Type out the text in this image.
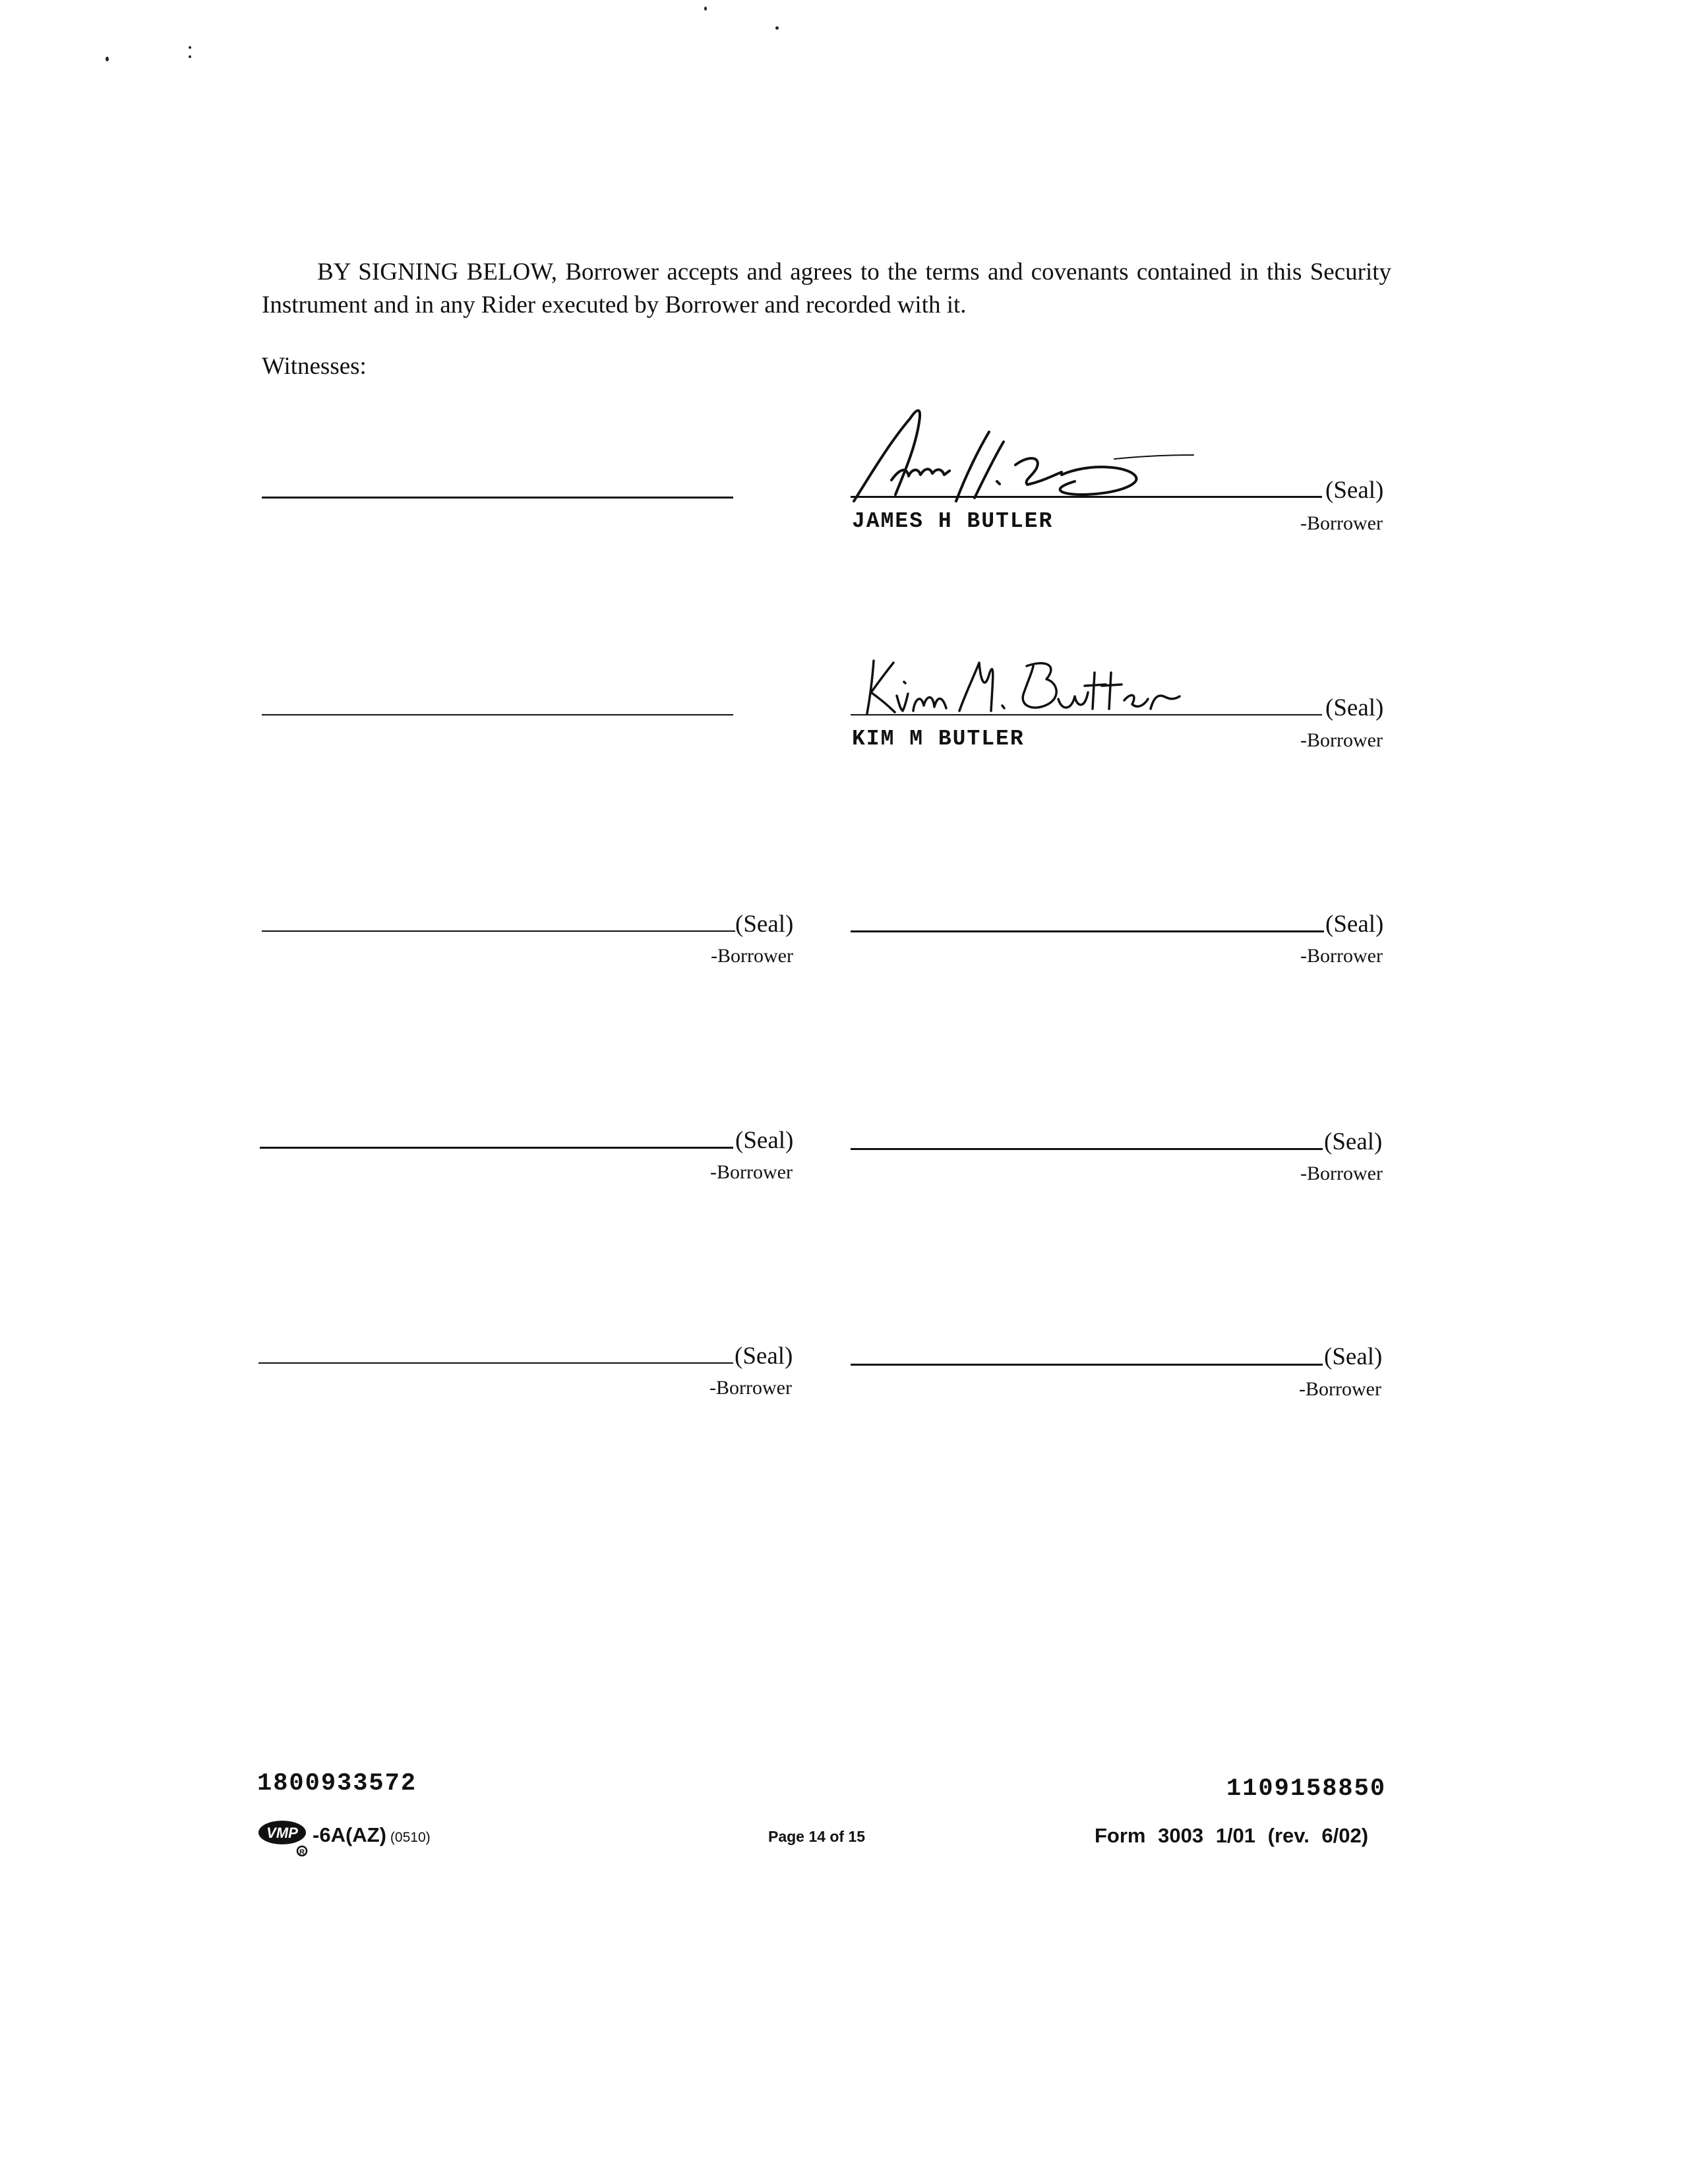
BY SIGNING BELOW, Borrower accepts and agrees to the terms and covenants contained in this Security Instrument and in any Rider executed by Borrower and recorded with it.
Witnesses:
(Seal)
JAMES H BUTLER	-Borrower
(Seal)
KIM M BUTLER	-Borrower
(Seal)
-Borrower
(Seal)
-Borrower
(Seal)
-Borrower
(Seal)
-Borrower
(Seal)
-Borrower
(Seal)
-Borrower
1800933572	1109158850
VMP
R
-6A(AZ) (0510)	Page 14 of 15	Form 3003 1/01 (rev. 6/02)
